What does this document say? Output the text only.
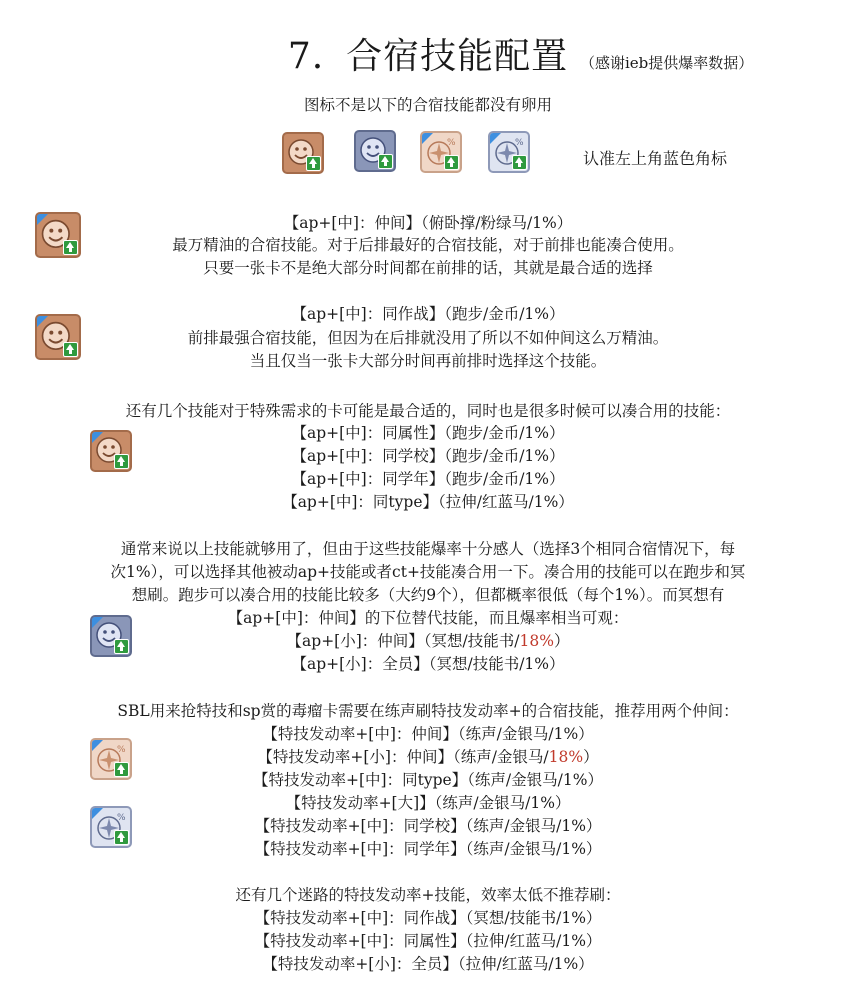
7. 合宿技能配置 （感谢ieb提供爆率数据）
图标不是以下的合宿技能都没有卵用
%	%
认准左上角蓝色角标
【ap+[中]：仲间】（俯卧撑/粉绿马/1%）
最万精油的合宿技能。对于后排最好的合宿技能，对于前排也能凑合使用。
只要一张卡不是绝大部分时间都在前排的话，其就是最合适的选择
【ap+[中]：同作战】（跑步/金币/1%）
前排最强合宿技能，但因为在后排就没用了所以不如仲间这么万精油。
当且仅当一张卡大部分时间再前排时选择这个技能。
还有几个技能对于特殊需求的卡可能是最合适的，同时也是很多时候可以凑合用的技能：
【ap+[中]：同属性】（跑步/金币/1%）
【ap+[中]：同学校】（跑步/金币/1%）
【ap+[中]：同学年】（跑步/金币/1%）
【ap+[中]：同type】（拉伸/红蓝马/1%）
通常来说以上技能就够用了，但由于这些技能爆率十分感人（选择3个相同合宿情况下，每
次1%），可以选择其他被动ap+技能或者ct+技能凑合用一下。凑合用的技能可以在跑步和冥
想刷。跑步可以凑合用的技能比较多（大约9个），但都概率很低（每个1%）。而冥想有
【ap+[中]：仲间】的下位替代技能，而且爆率相当可观：
【ap+[小]：仲间】（冥想/技能书/18%）
【ap+[小]：全员】（冥想/技能书/1%）
SBL用来抢特技和sp赏的毒瘤卡需要在练声刷特技发动率+的合宿技能，推荐用两个仲间：
【特技发动率+[中]：仲间】（练声/金银马/1%）
【特技发动率+[小]：仲间】（练声/金银马/18%）
%
【特技发动率+[中]：同type】（练声/金银马/1%）
【特技发动率+[大]】（练声/金银马/1%）
%	【特技发动率+[中]：同学校】（练声/金银马/1%）
【特技发动率+[中]：同学年】（练声/金银马/1%）
还有几个迷路的特技发动率+技能，效率太低不推荐刷：
【特技发动率+[中]：同作战】（冥想/技能书/1%）
【特技发动率+[中]：同属性】（拉伸/红蓝马/1%）
【特技发动率+[小]：全员】（拉伸/红蓝马/1%）
